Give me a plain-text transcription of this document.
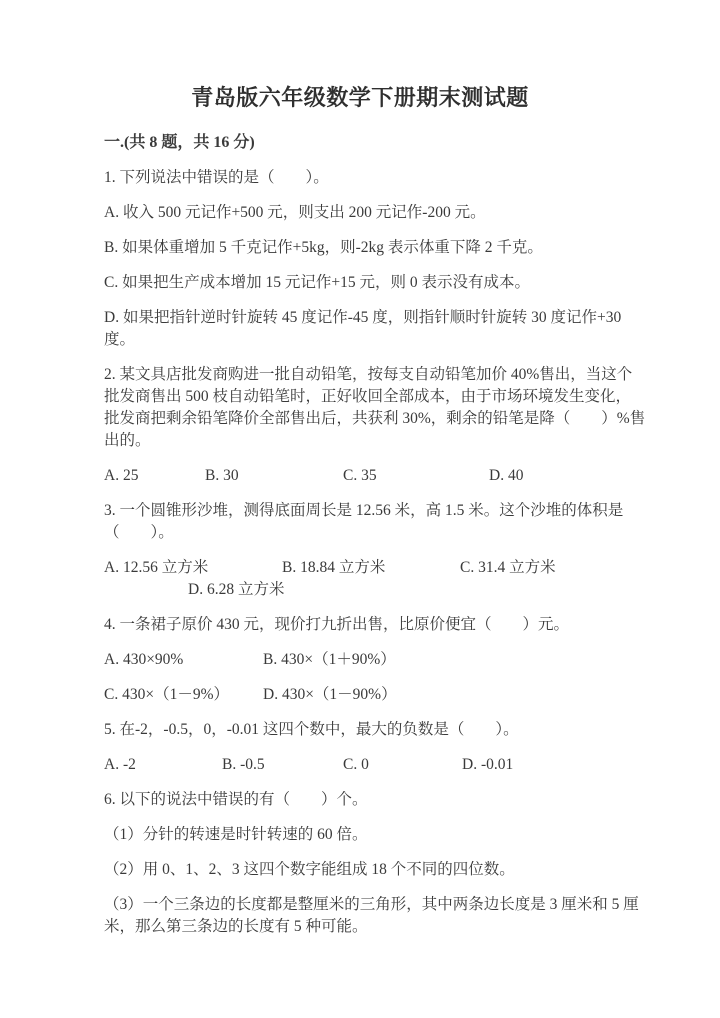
青岛版六年级数学下册期末测试题
一.(共 8 题，共 16 分)
1. 下列说法中错误的是（　　）。
A. 收入 500 元记作+500 元，则支出 200 元记作-200 元。
B. 如果体重增加 5 千克记作+5kg，则-2kg 表示体重下降 2 千克。
C. 如果把生产成本增加 15 元记作+15 元，则 0 表示没有成本。
D. 如果把指针逆时针旋转 45 度记作-45 度，则指针顺时针旋转 30 度记作+30
度。
2. 某文具店批发商购进一批自动铅笔，按每支自动铅笔加价 40%售出，当这个
批发商售出 500 枝自动铅笔时，正好收回全部成本，由于市场环境发生变化，
批发商把剩余铅笔降价全部售出后，共获利 30%，剩余的铅笔是降（　　）%售
出的。
A. 25	B. 30	C. 35	D. 40
3. 一个圆锥形沙堆，测得底面周长是 12.56 米，高 1.5 米。这个沙堆的体积是
（　　）。
A. 12.56 立方米	B. 18.84 立方米	C. 31.4 立方米
D. 6.28 立方米
4. 一条裙子原价 430 元，现价打九折出售，比原价便宜（　　）元。
A. 430×90%	B. 430×（1＋90%）
C. 430×（1－9%）	D. 430×（1－90%）
5. 在-2，-0.5，0，-0.01 这四个数中，最大的负数是（　　）。
A. -2	B. -0.5	C. 0	D. -0.01
6. 以下的说法中错误的有（　　）个。
（1）分针的转速是时针转速的 60 倍。
（2）用 0、1、2、3 这四个数字能组成 18 个不同的四位数。
（3）一个三条边的长度都是整厘米的三角形，其中两条边长度是 3 厘米和 5 厘
米，那么第三条边的长度有 5 种可能。
